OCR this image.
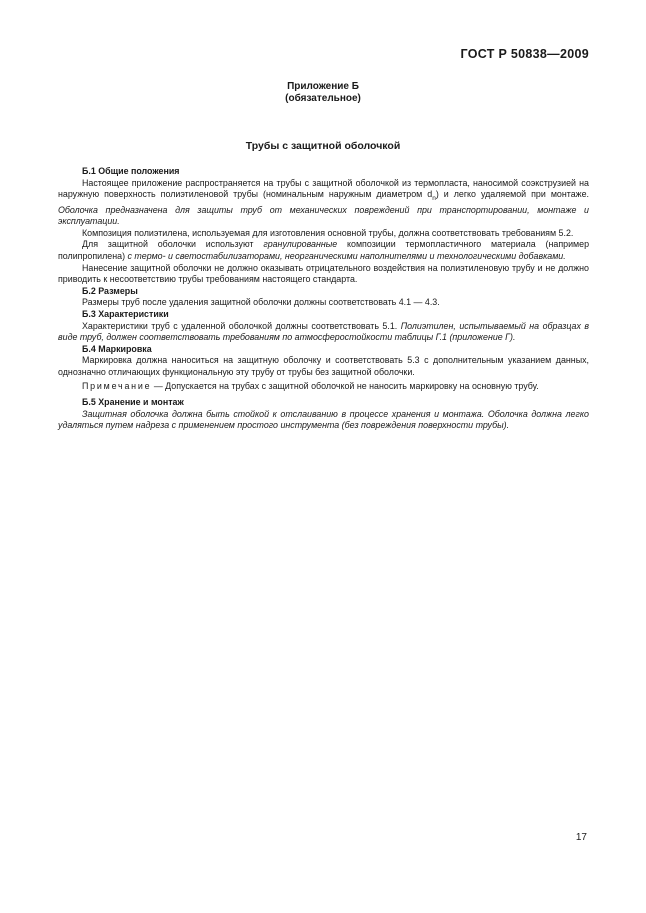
ГОСТ Р 50838—2009
Приложение Б
(обязательное)
Трубы с защитной оболочкой
Б.1 Общие положения
Настоящее приложение распространяется на трубы с защитной оболочкой из термопласта, наносимой соэкструзией на наружную поверхность полиэтиленовой трубы (номинальным наружным диаметром $d_n$) и легко удаляемой при монтаже. Оболочка предназначена для защиты труб от механических повреждений при транспортировании, монтаже и эксплуатации.
Композиция полиэтилена, используемая для изготовления основной трубы, должна соответствовать требованиям 5.2.
Для защитной оболочки используют гранулированные композиции термопластичного материала (например полипропилена) с термо- и светостабилизаторами, неорганическими наполнителями и технологическими добавками.
Нанесение защитной оболочки не должно оказывать отрицательного воздействия на полиэтиленовую трубу и не должно приводить к несоответствию трубы требованиям настоящего стандарта.
Б.2 Размеры
Размеры труб после удаления защитной оболочки должны соответствовать 4.1 — 4.3.
Б.3 Характеристики
Характеристики труб с удаленной оболочкой должны соответствовать 5.1. Полиэтилен, испытываемый на образцах в виде труб, должен соответствовать требованиям по атмосферостойкости таблицы Г.1 (приложение Г).
Б.4 Маркировка
Маркировка должна наноситься на защитную оболочку и соответствовать 5.3 с дополнительным указанием данных, однозначно отличающих функциональную эту трубу от трубы без защитной оболочки.
Примечание — Допускается на трубах с защитной оболочкой не наносить маркировку на основную трубу.
Б.5 Хранение и монтаж
Защитная оболочка должна быть стойкой к отслаиванию в процессе хранения и монтажа. Оболочка должна легко удаляться путем надреза с применением простого инструмента (без повреждения поверхности трубы).
17
